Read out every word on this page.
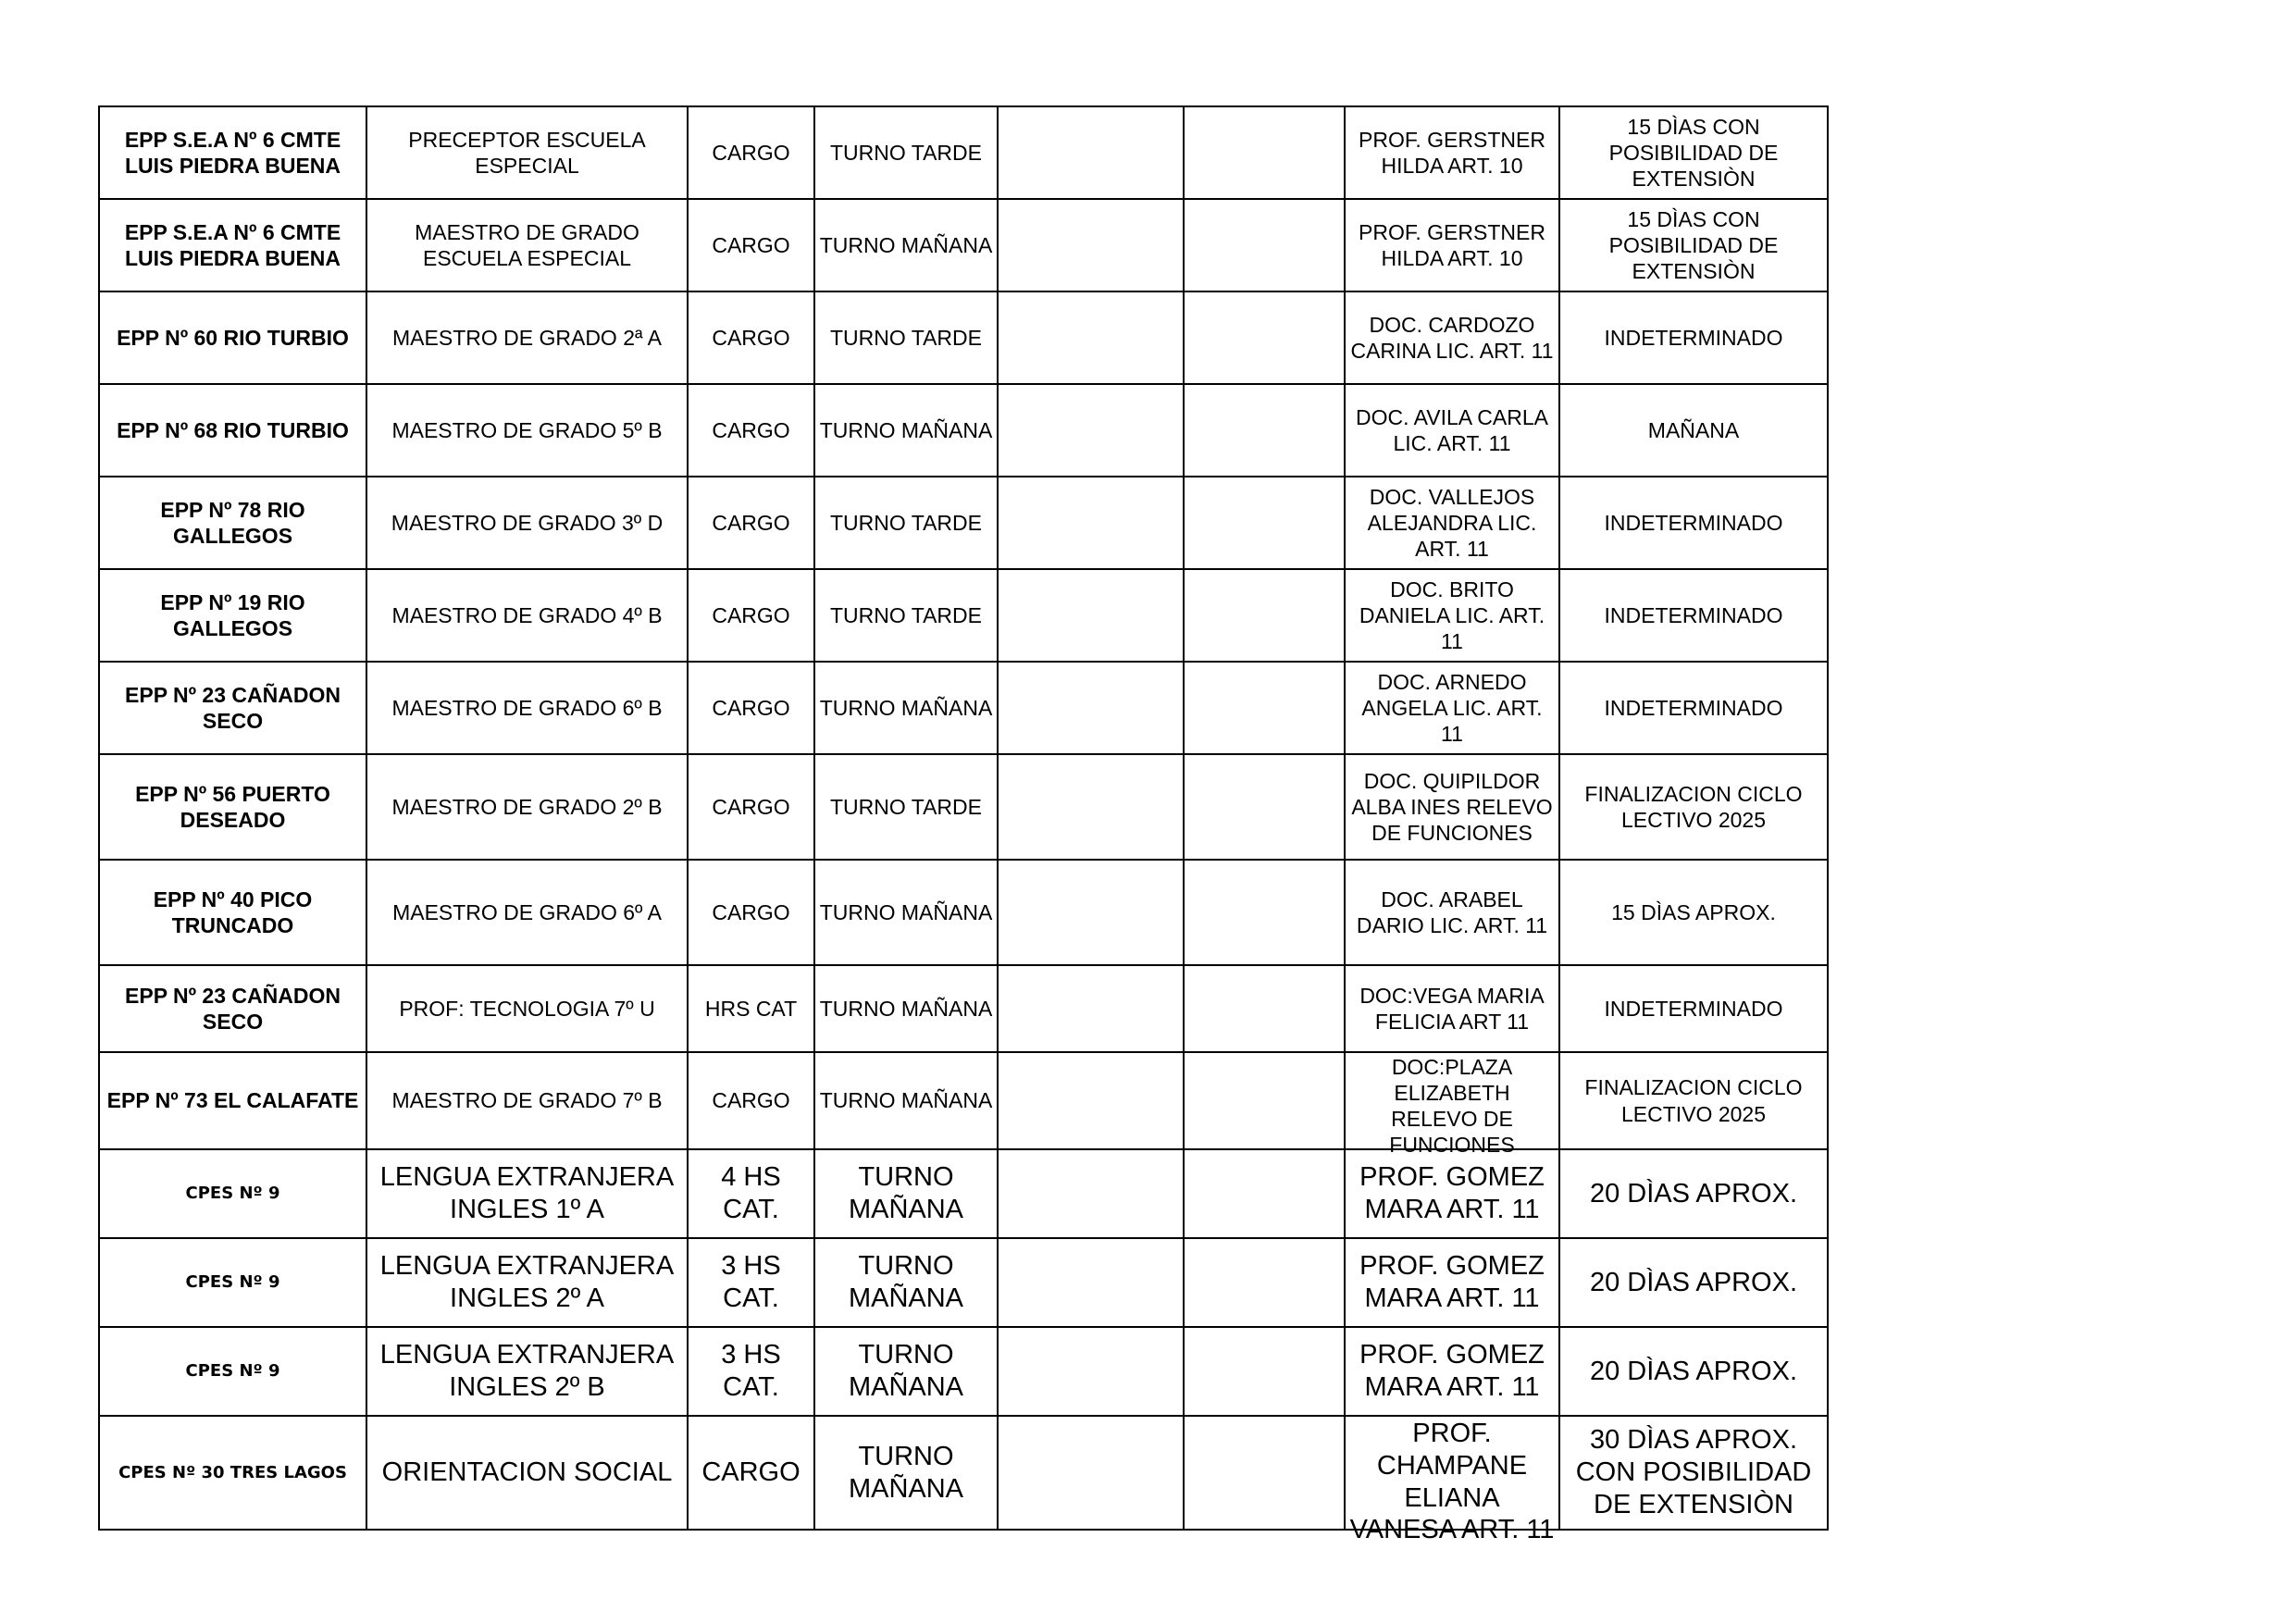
EPP S.E.A Nº 6 CMTE LUIS PIEDRA BUENA	PRECEPTOR ESCUELA ESPECIAL	CARGO	TURNO TARDE			PROF. GERSTNER HILDA ART. 10	15 DÌAS CON POSIBILIDAD DE EXTENSIÒN

EPP S.E.A Nº 6 CMTE LUIS PIEDRA BUENA	MAESTRO DE GRADO ESCUELA ESPECIAL	CARGO	TURNO MAÑANA			PROF. GERSTNER HILDA ART. 10	15 DÌAS CON POSIBILIDAD DE EXTENSIÒN

EPP Nº 60 RIO TURBIO	MAESTRO DE GRADO 2ª A	CARGO	TURNO TARDE			DOC. CARDOZO CARINA LIC. ART. 11	INDETERMINADO

EPP Nº 68 RIO TURBIO	MAESTRO DE GRADO 5º B	CARGO	TURNO MAÑANA			DOC. AVILA CARLA LIC. ART. 11	MAÑANA

EPP Nº 78 RIO GALLEGOS	MAESTRO DE GRADO 3º D	CARGO	TURNO TARDE			DOC. VALLEJOS ALEJANDRA LIC. ART. 11	INDETERMINADO

EPP Nº 19 RIO GALLEGOS	MAESTRO DE GRADO 4º B	CARGO	TURNO TARDE			DOC. BRITO DANIELA LIC. ART. 11	INDETERMINADO

EPP Nº 23 CAÑADON SECO	MAESTRO DE GRADO 6º B	CARGO	TURNO MAÑANA			DOC. ARNEDO ANGELA LIC. ART. 11	INDETERMINADO

EPP Nº 56 PUERTO DESEADO	MAESTRO DE GRADO 2º B	CARGO	TURNO TARDE			DOC. QUIPILDOR ALBA INES RELEVO DE FUNCIONES	FINALIZACION CICLO LECTIVO 2025

EPP Nº 40 PICO TRUNCADO	MAESTRO DE GRADO 6º A	CARGO	TURNO MAÑANA			DOC. ARABEL DARIO LIC. ART. 11	15 DÌAS APROX.

EPP Nº 23 CAÑADON SECO	PROF: TECNOLOGIA 7º U	HRS CAT	TURNO MAÑANA			DOC:VEGA MARIA FELICIA ART 11	INDETERMINADO

EPP Nº 73 EL CALAFATE	MAESTRO DE GRADO 7º B	CARGO	TURNO MAÑANA			DOC:PLAZA ELIZABETH RELEVO DE FUNCIONES	FINALIZACION CICLO LECTIVO 2025

CPES Nº 9	LENGUA EXTRANJERA INGLES 1º A	4 HS CAT.	TURNO MAÑANA			PROF. GOMEZ MARA ART. 11	20 DÌAS APROX.

CPES Nº 9	LENGUA EXTRANJERA INGLES 2º A	3 HS CAT.	TURNO MAÑANA			PROF. GOMEZ MARA ART. 11	20 DÌAS APROX.

CPES Nº 9	LENGUA EXTRANJERA INGLES 2º B	3 HS CAT.	TURNO MAÑANA			PROF. GOMEZ MARA ART. 11	20 DÌAS APROX.

CPES Nº 30 TRES LAGOS	ORIENTACION SOCIAL	CARGO	TURNO MAÑANA			PROF. CHAMPANE ELIANA VANESA ART. 11	30 DÌAS APROX. CON POSIBILIDAD DE EXTENSIÒN
